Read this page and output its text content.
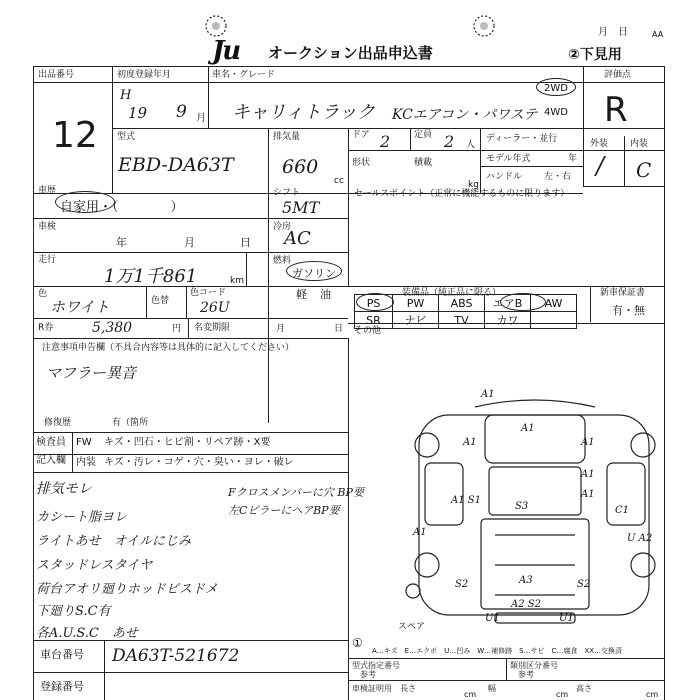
Ju オークション出品申込書
月　日	AA
②下見用
出品番号
12
初度登録年月
H
19 9 月
車名・グレード
キャリィトラック KCエアコン・パワステ
2WD
4WD
評価点
R
型式
EBD-DA63T
排気量
660
cc
ドア 2	定員 2 人
形状	積載
kg
ディーラー・並行
モデル年式	年
ハンドル 左・右
外装 内装
/ C
車歴
自家用・（　　　　）
シフト
5MT
セールスポイント（正常に機能するものに限ります）
車検
年	月	日
冷房
AC
走行
1万1千861	km
燃料
ガソリン
軽 油
色
ホワイト	色替
色コード
26U
装備品（純正品に限る）
PS	PW	ABS	エアB	AW
SR	ナビ	TV	カワ	
新車保証書
有・無
その他
R券	5,380	円 名変期限	月	日
注意事項申告欄（不具合内容等は具体的に記入してください）
マフラー異音
修復歴	有（箇所
検査員
記入欄
FW キズ・凹石・ヒビ割・リペア跡・X要
内装 キズ・汚レ・コゲ・穴・臭い・ヨレ・破レ
排気モレ
カシート脂ヨレ
ライトあせ　オイルにじみ
スタッドレスタイヤ
荷台アオリ廻りホッドビスドメ
下廻りS.C有
各A.U.S.C　あせ
Fクロスメンバーに穴 BP要
左CピラーにヘアBP要
車台番号 DA63T-521672
登録番号
A1
A1
A1
A1
A1 S1
S3
A1
C1
A1
A1
U A2
S2	A3	S2
A2 S2
U1	U1
スペア
①
A…キズ　E…エクボ　U…凹み　W…補修跡　S…サビ　C…腐食　XX…交換済
型式指定番号
参考
類別区分番号
参考
車検証明用 長さ
cm
幅
cm
高さ
cm
